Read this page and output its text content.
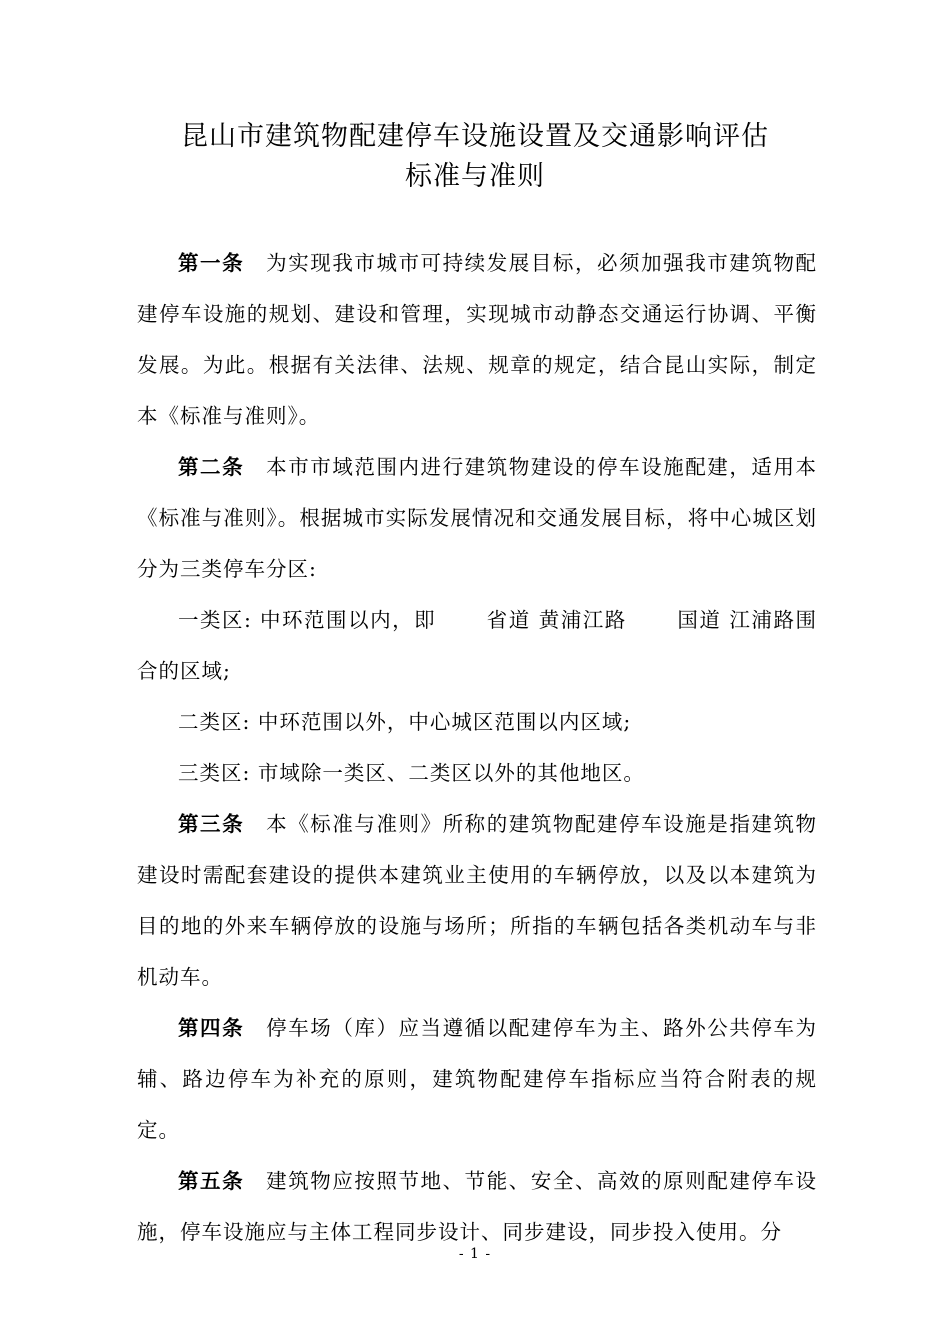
昆山市建筑物配建停车设施设置及交通影响评估
标准与准则

第一条 为实现我市城市可持续发展目标，必须加强我市建筑物配建停车设施的规划、建设和管理，实现城市动静态交通运行协调、平衡发展。为此。根据有关法律、法规、规章的规定，结合昆山实际，制定本《标准与准则》。

第二条 本市市域范围内进行建筑物建设的停车设施配建，适用本《标准与准则》。根据城市实际发展情况和交通发展目标，将中心城区划分为三类停车分区:

一类区: 中环范围以内，即 省道 黄浦江路 国道 江浦路围合的区域;

二类区: 中环范围以外，中心城区范围以内区域;

三类区: 市域除一类区、二类区以外的其他地区。

第三条 本《标准与准则》所称的建筑物配建停车设施是指建筑物建设时需配套建设的提供本建筑业主使用的车辆停放，以及以本建筑为目的地的外来车辆停放的设施与场所；所指的车辆包括各类机动车与非机动车。

第四条 停车场（库）应当遵循以配建停车为主、路外公共停车为辅、路边停车为补充的原则，建筑物配建停车指标应当符合附表的规定。

第五条 建筑物应按照节地、节能、安全、高效的原则配建停车设施，停车设施应与主体工程同步设计、同步建设，同步投入使用。分

- 1 -
